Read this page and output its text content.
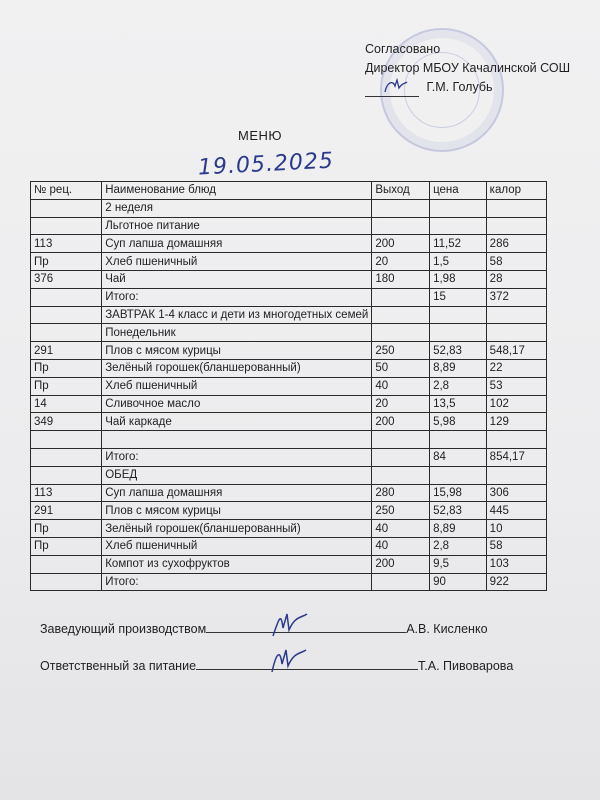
Согласовано
Директор МБОУ Качалинской СОШ
Г.М. Голубь
МЕНЮ
19.05.2025
№ рец.	Наименование блюд	Выход	цена	калор
	2 неделя			
	Льготное питание			
113	Суп лапша домашняя	200	11,52	286
Пр	Хлеб пшеничный	20	1,5	58
376	Чай	180	1,98	28
	Итого:		15	372
	ЗАВТРАК 1-4 класс и дети из многодетных семей			
	Понедельник			
291	Плов с мясом курицы	250	52,83	548,17
Пр	Зелёный горошек(бланшерованный)	50	8,89	22
Пр	Хлеб пшеничный	40	2,8	53
14	Сливочное масло	20	13,5	102
349	Чай каркаде	200	5,98	129

	Итого:		84	854,17
	ОБЕД			
113	Суп лапша домашняя	280	15,98	306
291	Плов с мясом курицы	250	52,83	445
Пр	Зелёный горошек(бланшерованный)	40	8,89	10
Пр	Хлеб пшеничный	40	2,8	58
	Компот из сухофруктов	200	9,5	103
	Итого:		90	922
Заведующий производством	А.В. Кисленко
Ответственный за питание	Т.А. Пивоварова
